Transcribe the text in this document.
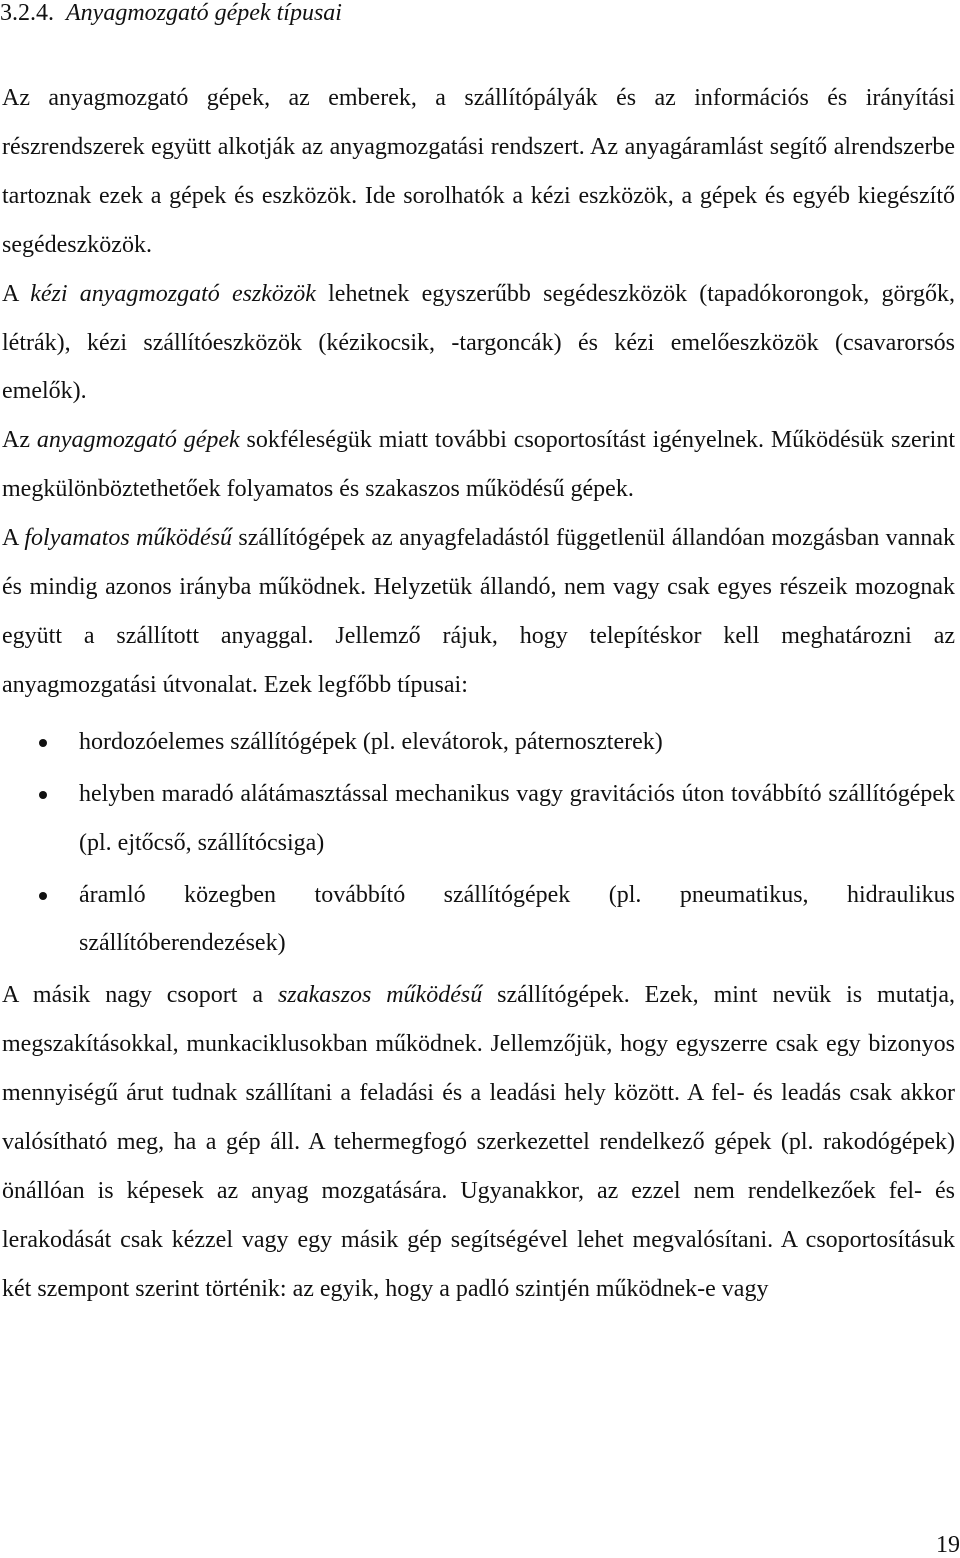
3.2.4. Anyagmozgató gépek típusai

Az anyagmozgató gépek, az emberek, a szállítópályák és az információs és irányítási részrendszerek együtt alkotják az anyagmozgatási rendszert. Az anyagáramlást segítő alrendszerbe tartoznak ezek a gépek és eszközök. Ide sorolhatók a kézi eszközök, a gépek és egyéb kiegészítő segédeszközök.

A kézi anyagmozgató eszközök lehetnek egyszerűbb segédeszközök (tapadókorongok, görgők, létrák), kézi szállítóeszközök (kézikocsik, -targoncák) és kézi emelőeszközök (csavarorsós emelők).

Az anyagmozgató gépek sokféleségük miatt további csoportosítást igényelnek. Működésük szerint megkülönböztethetőek folyamatos és szakaszos működésű gépek.

A folyamatos működésű szállítógépek az anyagfeladástól függetlenül állandóan mozgásban vannak és mindig azonos irányba működnek. Helyzetük állandó, nem vagy csak egyes részeik mozognak együtt a szállított anyaggal. Jellemző rájuk, hogy telepítéskor kell meghatározni az anyagmozgatási útvonalat. Ezek legfőbb típusai:

hordozóelemes szállítógépek (pl. elevátorok, páternoszterek)
helyben maradó alátámasztással mechanikus vagy gravitációs úton továbbító szállítógépek (pl. ejtőcső, szállítócsiga)
áramló közegben továbbító szállítógépek (pl. pneumatikus, hidraulikus szállítóberendezések)

A másik nagy csoport a szakaszos működésű szállítógépek. Ezek, mint nevük is mutatja, megszakításokkal, munkaciklusokban működnek. Jellemzőjük, hogy egyszerre csak egy bizonyos mennyiségű árut tudnak szállítani a feladási és a leadási hely között. A fel- és leadás csak akkor valósítható meg, ha a gép áll. A tehermegfogó szerkezettel rendelkező gépek (pl. rakodógépek) önállóan is képesek az anyag mozgatására. Ugyanakkor, az ezzel nem rendelkezőek fel- és lerakodását csak kézzel vagy egy másik gép segítségével lehet megvalósítani. A csoportosításuk két szempont szerint történik: az egyik, hogy a padló szintjén működnek-e vagy

19
